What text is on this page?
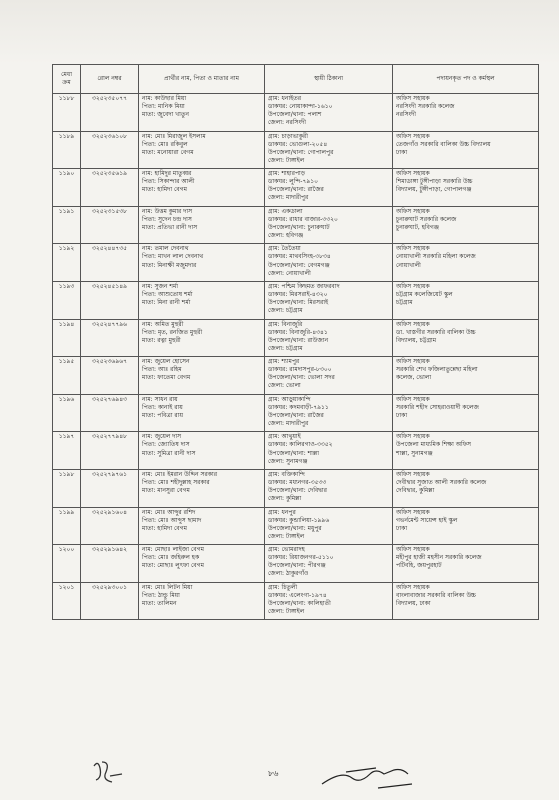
মেধা ক্রম	রোল নম্বর	প্রার্থীর নাম, পিতা ও মাতার নাম	স্থায়ী ঠিকানা	পদায়নকৃত পদ ও কর্মস্থল
১১৮৮	৩২৫২৩৫০৭৭	নাম: কাউছার মিয়া
পিতা: মানিক মিয়া
মাতা: জুবেদা খাতুন	গ্রাম: ধনাইতর
ডাকঘর: নোয়াকান্দা-১৬১০
উপজেলা/থানা: পলাশ
জেলা: নরসিংদী	অফিস সহায়ক
নরসিংদী সরকারি কলেজ
নরসিংদী

১১৮৯	৩২৫২৩৬১০৮	নাম: মোঃ মিরাজুল ইসলাম
পিতা: মোঃ রকিবুল
মাতা: মনোয়ারা বেগম	গ্রাম: চাড়াভাকুরী
ডাকঘর: ভোগুলা-২০৫৪
উপজেলা/থানা: গোপালপুর
জেলা: টাঙ্গাইল	অফিস সহায়ক
তেজগাঁও সরকারি বালিকা উচ্চ বিদ্যালয়
ঢাকা

১১৯০	৩২৫২৩৫৬১৯	নাম: হামিদুর মাতুব্বর
পিতা: সিকান্দার আলী
মাতা: হামিদা বেগম	গ্রাম: শাহারপাড়
ডাকঘর: লুন্দি-৭৯১০
উপজেলা/থানা: রাজৈর
জেলা: মাদারীপুর	অফিস সহায়ক
শিমাডাঙ্গা টুঙ্গীপাড়া সরকারি উচ্চ
বিদ্যালয়, টুঙ্গীপাড়া, গোপালগঞ্জ

১১৯১	৩২৫২৩১৫৩৮	নাম: উত্তম কুমার দাস
পিতা: সুদেন চন্দ্র দাস
মাতা: প্রতিভা রানী দাস	গ্রাম: একডালা
ডাকঘর: রাধার বাজার-৩৩২০
উপজেলা/থানা: চুনারুঘাট
জেলা: হবিগঞ্জ	অফিস সহায়ক
চুনারুঘাট সরকারি কলেজ
চুনারুঘাট, হবিগঞ্জ

১১৯২	৩২৫২৪৪৭৩৫	নাম: তমাল দেবনাথ
পিতা: মাখন লাল দেবনাথ
মাতা: মিনাক্ষী মজুমদার	গ্রাম: তৈতৈয়া
ডাকঘর: মাথবসিংহ-৩৮৩৪
উপজেলা/থানা: বেগমগঞ্জ
জেলা: নোয়াখালী	অফিস সহায়ক
নোয়াখালী সরকারি মহিলা কলেজ
নোয়াখালী

১১৯৩	৩২৫২৪৫১৪৯	নাম: সুজন শর্মা
পিতা: আশুতোষ শর্মা
মাতা: মিনা রানী শর্মা	গ্রাম: পশ্চিম কিছমত জাফরবাদ
ডাকঘর: মিরসরাই-৪৩২০
উপজেলা/থানা: মিরসরাই
জেলা: চট্টগ্রাম	অফিস সহায়ক
চট্টগ্রাম কলেজিয়েট স্কুল
চট্টগ্রাম

১১৯৪	৩২৫২৪৭৭৯৬	নাম: অমিত মুহুরী
পিতা: মৃত, রনজিত মুহুরী
মাতা: রত্না মুহুরী	গ্রাম: বিনাজুরি
ডাকঘর: বিনাজুরি-৪৩৪১
উপজেলা/থানা: রাউজান
জেলা: চট্টগ্রাম	অফিস সহায়ক
ডা. খাস্তগীর সরকারি বালিকা উচ্চ
বিদ্যালয়, চট্টগ্রাম

১১৯৫	৩২৫২৩৬৯৬৭	নাম: জুয়েল হোসেন
পিতা: আঃ রহিম
মাতা: ফাতেমা বেগম	গ্রাম: শ্যামপুর
ডাকঘর: রামদাসপুর-৮৩০০
উপজেলা/থানা: ভোলা সদর
জেলা: ভোলা	অফিস সহায়ক
সরকারি শেখ ফজিলাতুন্নেছা মহিলা
কলেজ, ভোলা

১১৯৬	৩২৫২৭৬৯৪৩	নাম: সাধন রায়
পিতা: কানাই রায়
মাতা: পবিত্রা রায়	গ্রাম: আড়ুয়াকান্দি
ডাকঘর: কদমবাড়ী-৭৯১১
উপজেলা/থানা: রাজৈর
জেলা: মাদারীপুর	অফিস সহায়ক
সরকারি শহীদ সোহরাওয়ার্দী কলেজ
ঢাকা

১১৯৭	৩২৫২৭৭৯৪৮	নাম: জুয়েল দাস
পিতা: জ্যোতিষ দাস
মাতা: সুমিত্রা রানী দাস	গ্রাম: আথুয়াই
ডাকঘর: কালিরগাও-৩৩৫২
উপজেলা/থানা: শাল্লা
জেলা: সুনামগঞ্জ	অফিস সহায়ক
উপজেলা মাধ্যমিক শিক্ষা অফিস
শাল্লা, সুনামগঞ্জ

১১৯৮	৩২৫২৭৯৭৬১	নাম: মোঃ ইমরান উদ্দিন সরকার
পিতা: মোঃ শহীদুল্লাহ সরকার
মাতা: মানসুরা বেগম	গ্রাম: বক্তিকান্দি
ডাকঘর: মধ্যনগর-৩৫৩৩
উপজেলা/থানা: দেবিদ্বার
জেলা: কুমিল্লা	অফিস সহায়ক
দেবীদ্বার সুজাত আলী সরকারি কলেজ
দেবিদ্বার, কুমিল্লা

১১৯৯	৩২৫২৯১৬০৪	নাম: মোঃ আব্দুর রশিদ
পিতা: মোঃ আব্দুস ছামাদ
মাতা: হামিদা বেগম	গ্রাম: ধনপুর
ডাকঘর: কুন্ডালিয়া-১৯৯৬
উপজেলা/থানা: মধুপুর
জেলা: টাঙ্গাইল	অফিস সহায়ক
গভর্নমেন্ট সায়েন্স হাই স্কুল
ঢাকা

১২০০	৩২৫২৯১৬৪২	নাম: মোছাঃ লাইজা বেগম
পিতা: মোঃ জহিরুল হক
মাতা: মোছাঃ লুৎফা বেগম	গ্রাম: ভোমরাদহ
ডাকঘর: রিয়াজনগর-৫১১০
উপজেলা/থানা: পীরগঞ্জ
জেলা: ঠাকুরগাঁও	অফিস সহায়ক
মহীপুর হাজী মহসীন সরকারি কলেজ
পটিবহি, জয়পুরহাট

১২০১	৩২৫২৯৩০০১	নাম: মোঃ লিটন মিয়া
পিতা: ঠান্ডু মিয়া
মাতা: তালিমন	গ্রাম: চিতুলী
ডাকঘর: এলেংগা-১৯৭৪
উপজেলা/থানা: কালিহাতী
জেলা: টাঙ্গাইল	অফিস সহায়ক
বাংলাবাজার সরকারি বালিকা উচ্চ
বিদ্যালয়, ঢাকা
৮৬
